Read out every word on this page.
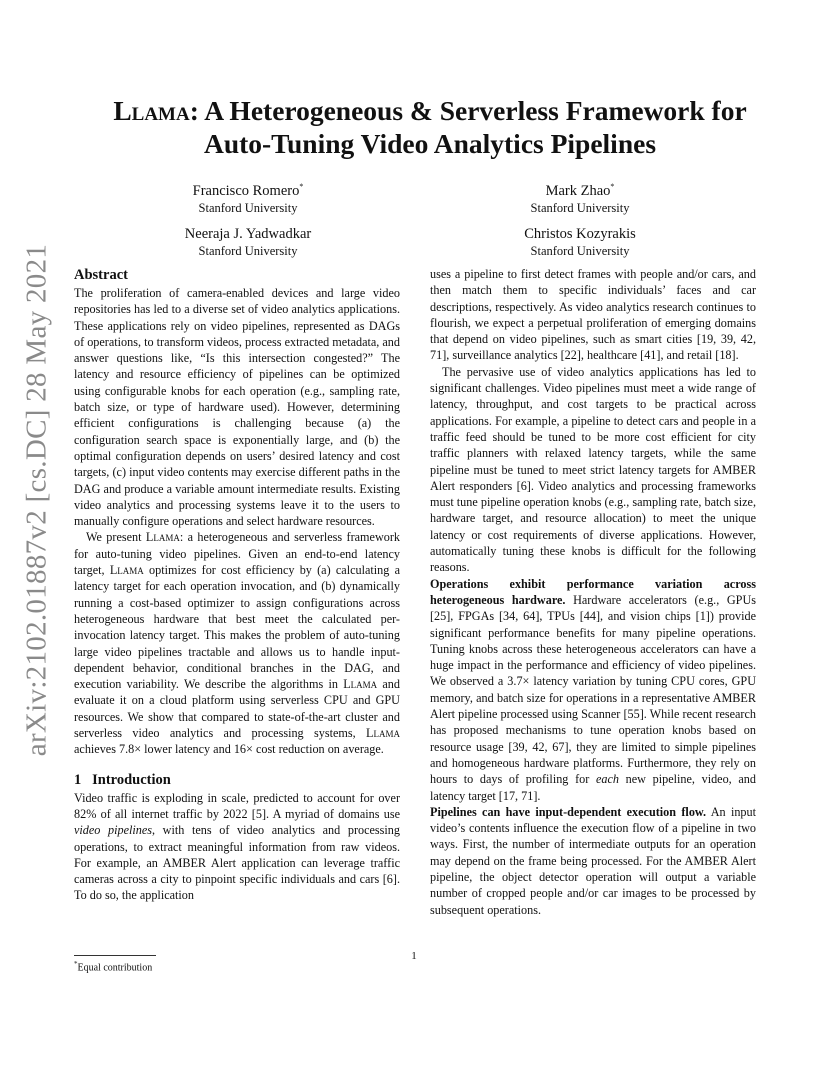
arXiv:2102.01887v2 [cs.DC] 28 May 2021
Llama: A Heterogeneous & Serverless Framework for
Auto-Tuning Video Analytics Pipelines
Francisco Romero*
Stanford University
Mark Zhao*
Stanford University
Neeraja J. Yadwadkar
Stanford University
Christos Kozyrakis
Stanford University
Abstract

The proliferation of camera-enabled devices and large video repositories has led to a diverse set of video analytics applications. These applications rely on video pipelines, represented as DAGs of operations, to transform videos, process extracted metadata, and answer questions like, “Is this intersection congested?” The latency and resource efficiency of pipelines can be optimized using configurable knobs for each operation (e.g., sampling rate, batch size, or type of hardware used). However, determining efficient configurations is challenging because (a) the configuration search space is exponentially large, and (b) the optimal configuration depends on users’ desired latency and cost targets, (c) input video contents may exercise different paths in the DAG and produce a variable amount intermediate results. Existing video analytics and processing systems leave it to the users to manually configure operations and select hardware resources.

We present Llama: a heterogeneous and serverless framework for auto-tuning video pipelines. Given an end-to-end latency target, Llama optimizes for cost efficiency by (a) calculating a latency target for each operation invocation, and (b) dynamically running a cost-based optimizer to assign configurations across heterogeneous hardware that best meet the calculated per-invocation latency target. This makes the problem of auto-tuning large video pipelines tractable and allows us to handle input-dependent behavior, conditional branches in the DAG, and execution variability. We describe the algorithms in Llama and evaluate it on a cloud platform using serverless CPU and GPU resources. We show that compared to state-of-the-art cluster and serverless video analytics and processing systems, Llama achieves 7.8× lower latency and 16× cost reduction on average.

1 Introduction

Video traffic is exploding in scale, predicted to account for over 82% of all internet traffic by 2022 [5]. A myriad of domains use video pipelines, with tens of video analytics and processing operations, to extract meaningful information from raw videos. For example, an AMBER Alert application can leverage traffic cameras across a city to pinpoint specific individuals and cars [6]. To do so, the application

uses a pipeline to first detect frames with people and/or cars, and then match them to specific individuals’ faces and car descriptions, respectively. As video analytics research continues to flourish, we expect a perpetual proliferation of emerging domains that depend on video pipelines, such as smart cities [19, 39, 42, 71], surveillance analytics [22], healthcare [41], and retail [18].

The pervasive use of video analytics applications has led to significant challenges. Video pipelines must meet a wide range of latency, throughput, and cost targets to be practical across applications. For example, a pipeline to detect cars and people in a traffic feed should be tuned to be more cost efficient for city traffic planners with relaxed latency targets, while the same pipeline must be tuned to meet strict latency targets for AMBER Alert responders [6]. Video analytics and processing frameworks must tune pipeline operation knobs (e.g., sampling rate, batch size, hardware target, and resource allocation) to meet the unique latency or cost requirements of diverse applications. However, automatically tuning these knobs is difficult for the following reasons.

Operations exhibit performance variation across heterogeneous hardware. Hardware accelerators (e.g., GPUs [25], FPGAs [34, 64], TPUs [44], and vision chips [1]) provide significant performance benefits for many pipeline operations. Tuning knobs across these heterogeneous accelerators can have a huge impact in the performance and efficiency of video pipelines. We observed a 3.7× latency variation by tuning CPU cores, GPU memory, and batch size for operations in a representative AMBER Alert pipeline processed using Scanner [55]. While recent research has proposed mechanisms to tune operation knobs based on resource usage [39, 42, 67], they are limited to simple pipelines and homogeneous hardware platforms. Furthermore, they rely on hours to days of profiling for each new pipeline, video, and latency target [17, 71].

Pipelines can have input-dependent execution flow. An input video’s contents influence the execution flow of a pipeline in two ways. First, the number of intermediate outputs for an operation may depend on the frame being processed. For the AMBER Alert pipeline, the object detector operation will output a variable number of cropped people and/or car images to be processed by subsequent operations.

*Equal contribution
1
